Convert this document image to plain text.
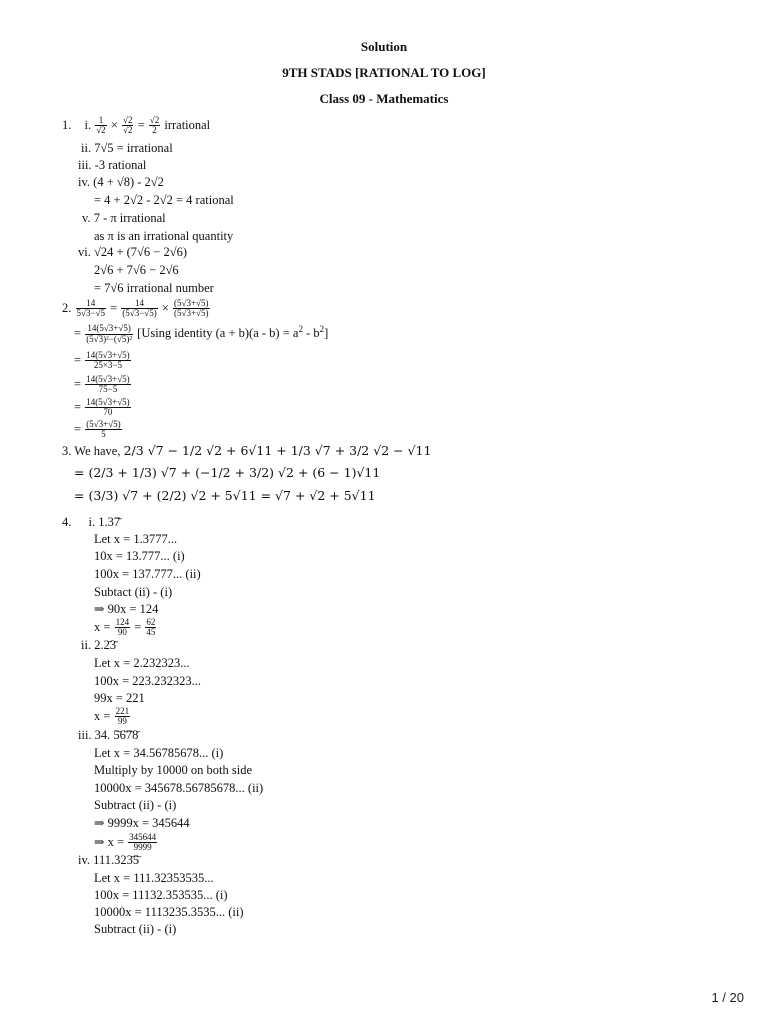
Solution
9TH STADS [RATIONAL TO LOG]
Class 09 - Mathematics
1. i. $\frac{1}{√2} \times \frac{√2}{√2} = \frac{√2}{2}$ irrational
ii. 7√5 = irrational
iii. -3 rational
iv. (4 + √8) - 2√2
= 4 + 2√2 - 2√2 = 4 rational
v. 7 - π irrational
as π is an irrational quantity
vi. √24 + (7√6 − 2√6)
2√6 + 7√6 − 2√6
= 7√6 irrational number
2. $\frac{14}{5√3-√5} = \frac{14}{(5√3-√5)} \times \frac{(5√3+√5)}{(5√3+√5)}$
= $\frac{14(5√3+√5)}{\text{(5√3)²−(√5)²}} [Using$ identity $(a + b)(a - b) = a^2 - b^2$]
= $\frac{14(5√3+√5)}{25\times 3-5}$
= $\frac{14(5√3+√5)}{75-5}$
= $\frac{14(5√3+√5)}{70}$
= $\frac{(5√3+√5)}{5}$
3. We have, 2/3 √7 − 1/2 √2 + 6√11 + 1/3 √7 + 3/2 √2 − √11
= (2/3 + 1/3) √7 + (−1/2 + 3/2) √2 + (6 − 1)√11
= (3/3) √7 + (2/2) √2 + 5√11 = √7 + √2 + 5√11
4. i. 1.37̄
Let x = 1.3777...
10x = 13.777... (i)
100x = 137.777... (ii)
Subtact (ii) - (i)
⇒ 90x = 124
$x = \frac{124}{90} = \frac{62}{45}$
ii. 2.2̄3̄
Let x = 2.232323...
100x = 223.232323...
99x = 221
$x = \frac{221}{99}$
iii. 34. 5̄6̄7̄8̄
Let x = 34.56785678... (i)
Multiply by 10000 on both side
10000x = 345678.56785678... (ii)
Subtract (ii) - (i)
⇒ 9999x = 345644
⇒ $x = \frac{345644}{9999}$
iv. 111.323̄5̄
Let x = 111.32353535...
100x = 11132.353535... (i)
10000x = 1113235.3535... (ii)
Subtract (ii) - (i)
1 / 20
